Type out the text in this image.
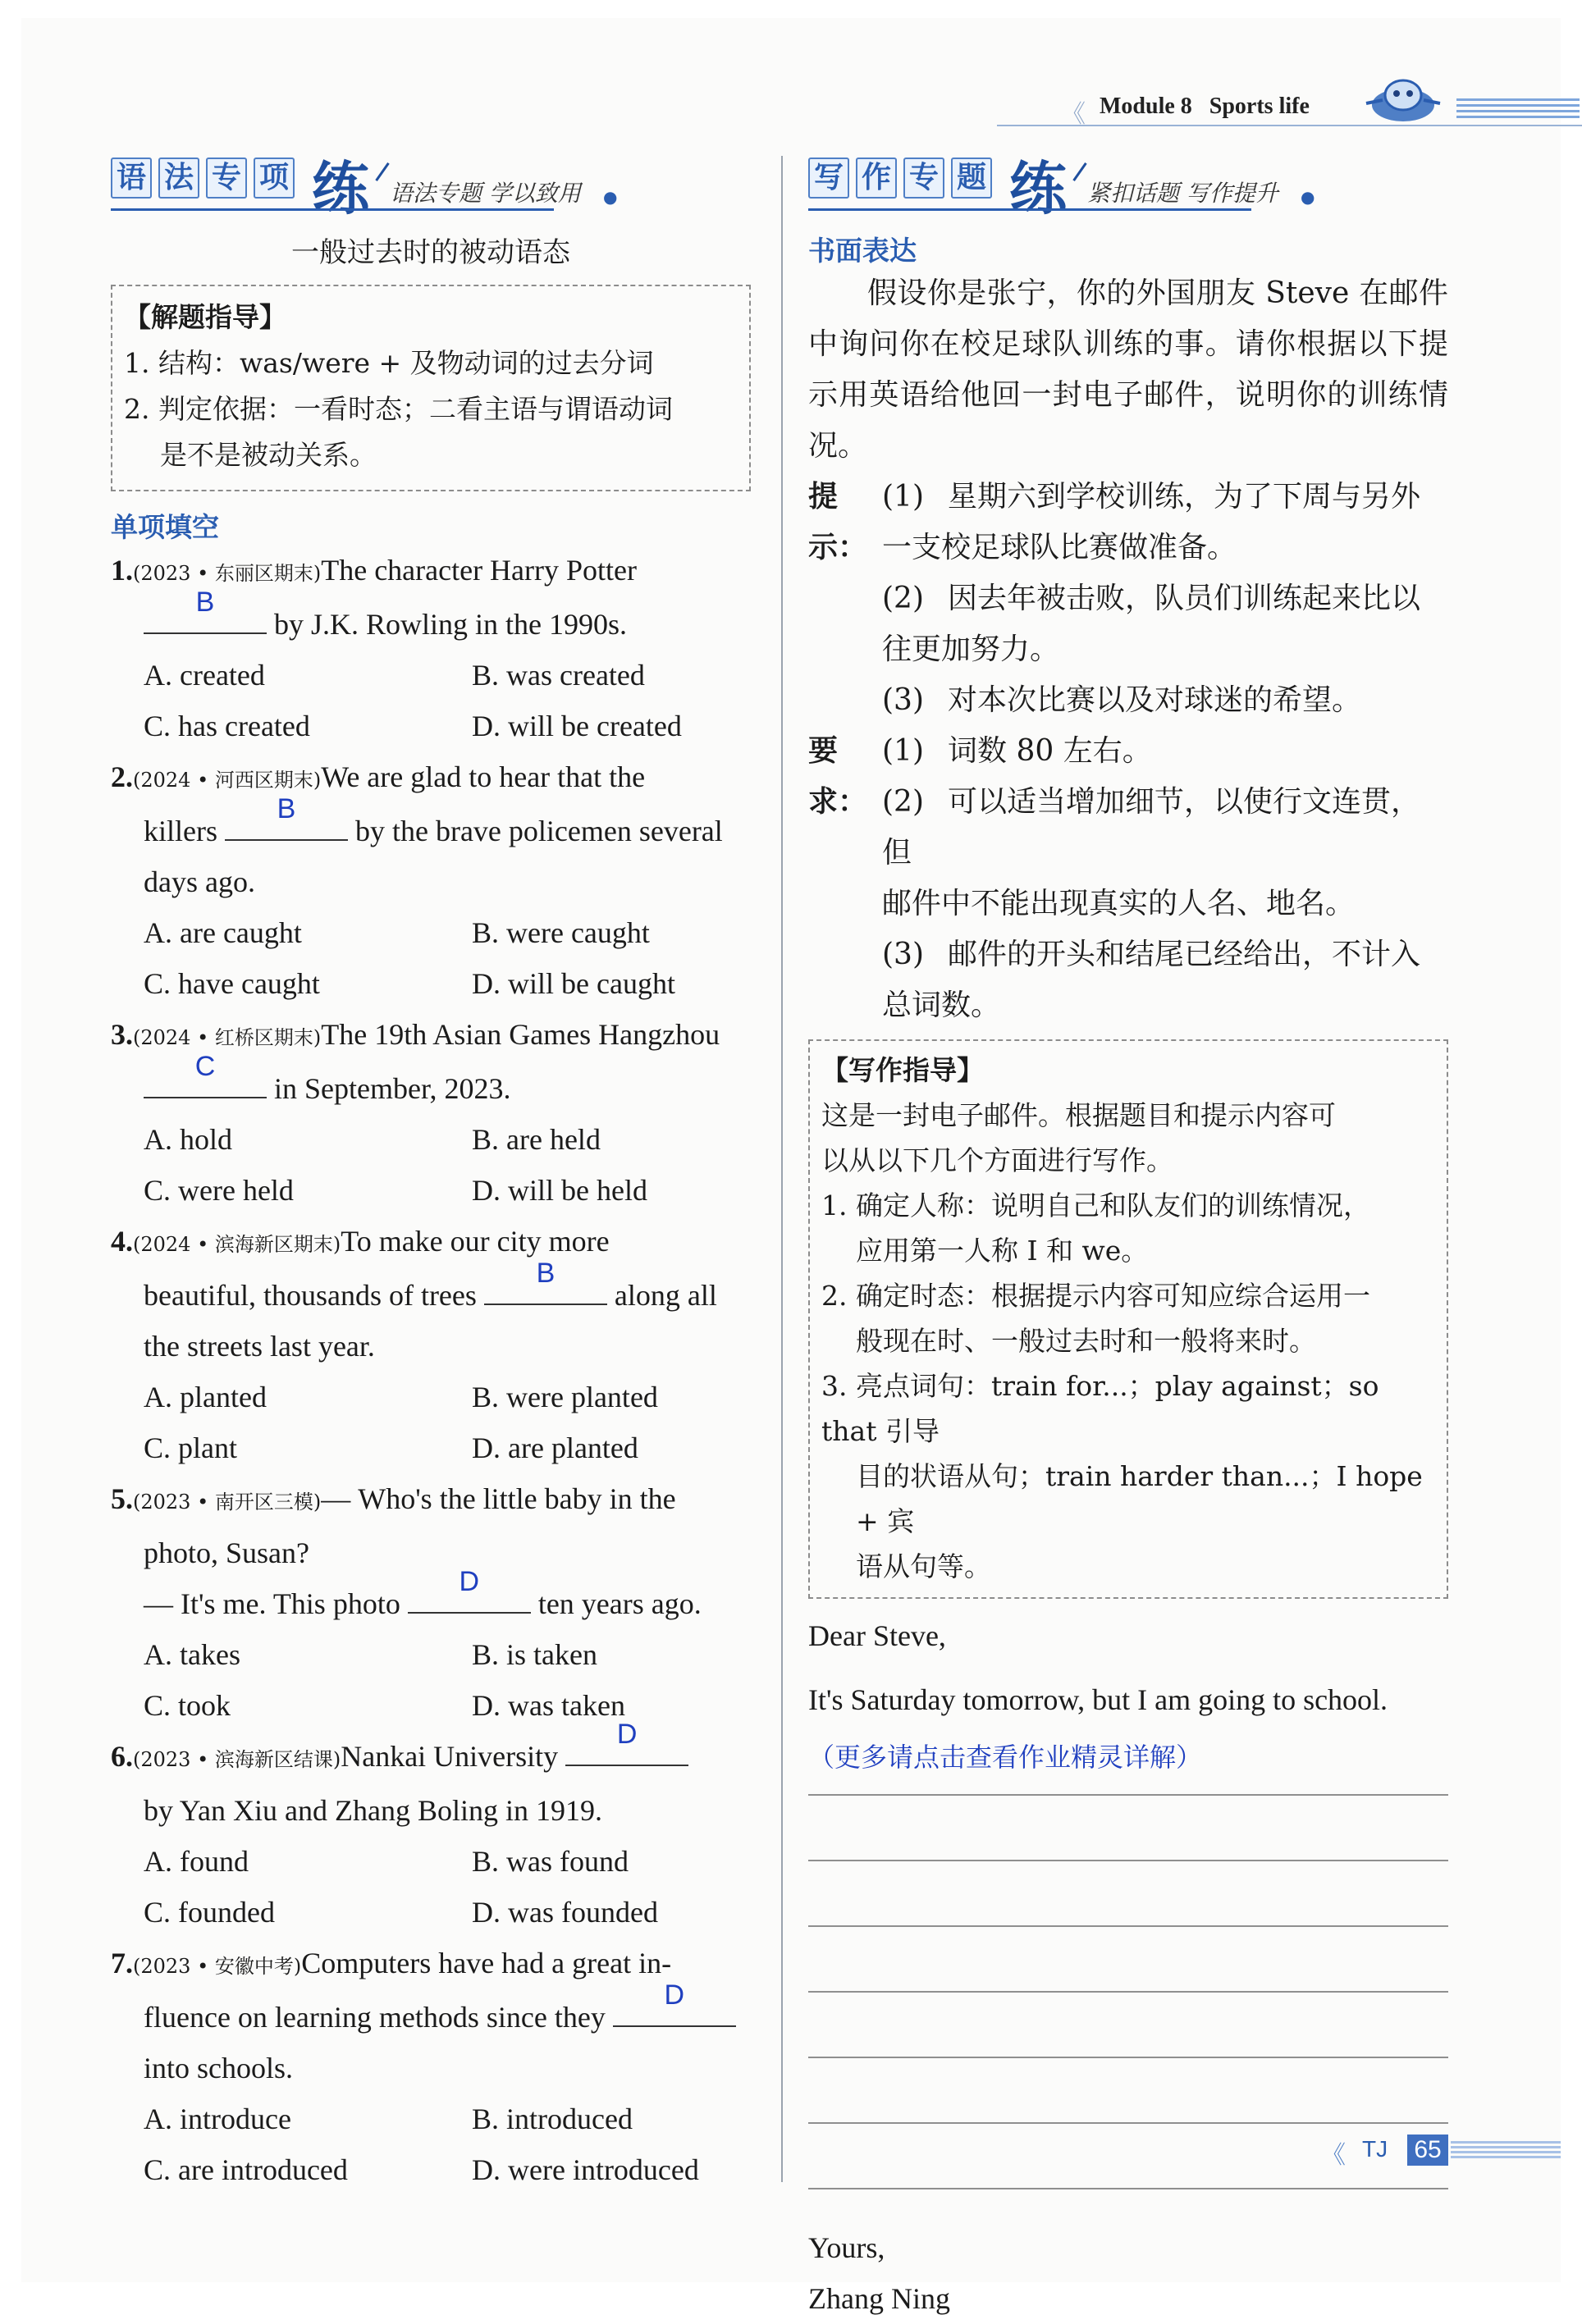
《 Module 8 Sports life
语 法 专 项 练 语法专题 学以致用 ●
一般过去时的被动语态
【解题指导】
1. 结构：was/were + 及物动词的过去分词
2. 判定依据：一看时态；二看主语与谓语动词
是不是被动关系。
单项填空
1.(2023 • 东丽区期末)The character Harry Potter
B
by J.K. Rowling in the 1990s.
A. created	B. was created
C. has created	D. will be created
2.(2024 • 河西区期末)We are glad to hear that the
killers
B
by the brave policemen several
days ago.
A. are caught	B. were caught
C. have caught	D. will be caught
3.(2024 • 红桥区期末)The 19th Asian Games Hangzhou
C
in September, 2023.
A. hold	B. are held
C. were held	D. will be held
4.(2024 • 滨海新区期末)To make our city more
beautiful, thousands of trees
B
along all
the streets last year.
A. planted	B. were planted
C. plant	D. are planted
5.(2023 • 南开区三模)— Who's the little baby in the
photo, Susan?
— It's me. This photo
D
ten years ago.
A. takes	B. is taken
C. took	D. was taken
6.(2023 • 滨海新区结课)Nankai University
D
by Yan Xiu and Zhang Boling in 1919.
A. found	B. was found
C. founded	D. was founded
7.(2023 • 安徽中考)Computers have had a great in-
fluence on learning methods since they
D
into schools.
A. introduce	B. introduced
C. are introduced	D. were introduced
写 作 专 题 练 紧扣话题 写作提升 ●
书面表达
假设你是张宁，你的外国朋友 Steve 在邮件中询问你在校足球队训练的事。请你根据以下提示用英语给他回一封电子邮件，说明你的训练情况。
提示：
(1) 星期六到学校训练，为了下周与另外
一支校足球队比赛做准备。
(2) 因去年被击败，队员们训练起来比以
往更加努力。
(3) 对本次比赛以及对球迷的希望。
要求：
(1) 词数 80 左右。
(2) 可以适当增加细节，以使行文连贯，但
邮件中不能出现真实的人名、地名。
(3) 邮件的开头和结尾已经给出，不计入
总词数。
【写作指导】
这是一封电子邮件。根据题目和提示内容可
以从以下几个方面进行写作。
1. 确定人称：说明自己和队友们的训练情况，
应用第一人称 I 和 we。
2. 确定时态：根据提示内容可知应综合运用一
般现在时、一般过去时和一般将来时。
3. 亮点词句：train for...；play against；so that 引导
目的状语从句；train harder than...；I hope + 宾
语从句等。
Dear Steve,
It's Saturday tomorrow, but I am going to school.
（更多请点击查看作业精灵详解）
Yours,
Zhang Ning
《 TJ 65
